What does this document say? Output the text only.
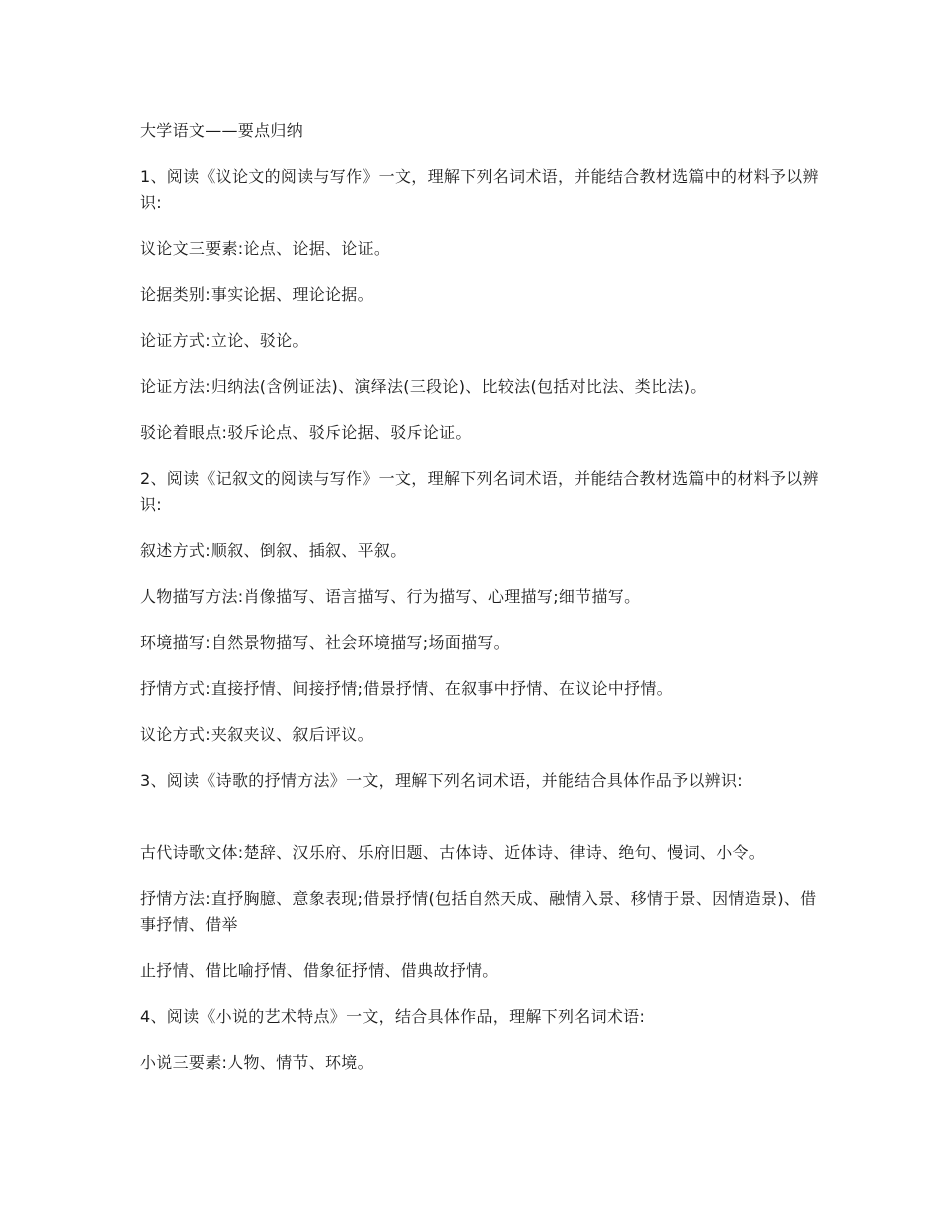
大学语文——要点归纳

1、阅读《议论文的阅读与写作》一文，理解下列名词术语，并能结合教材选篇中的材料予以辨识:

议论文三要素:论点、论据、论证。

论据类别:事实论据、理论论据。

论证方式:立论、驳论。

论证方法:归纳法(含例证法)、演绎法(三段论)、比较法(包括对比法、类比法)。

驳论着眼点:驳斥论点、驳斥论据、驳斥论证。

2、阅读《记叙文的阅读与写作》一文，理解下列名词术语，并能结合教材选篇中的材料予以辨识:

叙述方式:顺叙、倒叙、插叙、平叙。

人物描写方法:肖像描写、语言描写、行为描写、心理描写;细节描写。

环境描写:自然景物描写、社会环境描写;场面描写。

抒情方式:直接抒情、间接抒情;借景抒情、在叙事中抒情、在议论中抒情。

议论方式:夹叙夹议、叙后评议。

3、阅读《诗歌的抒情方法》一文，理解下列名词术语，并能结合具体作品予以辨识:

古代诗歌文体:楚辞、汉乐府、乐府旧题、古体诗、近体诗、律诗、绝句、慢词、小令。

抒情方法:直抒胸臆、意象表现;借景抒情(包括自然天成、融情入景、移情于景、因情造景)、借事抒情、借举

止抒情、借比喻抒情、借象征抒情、借典故抒情。

4、阅读《小说的艺术特点》一文，结合具体作品，理解下列名词术语:

小说三要素:人物、情节、环境。
